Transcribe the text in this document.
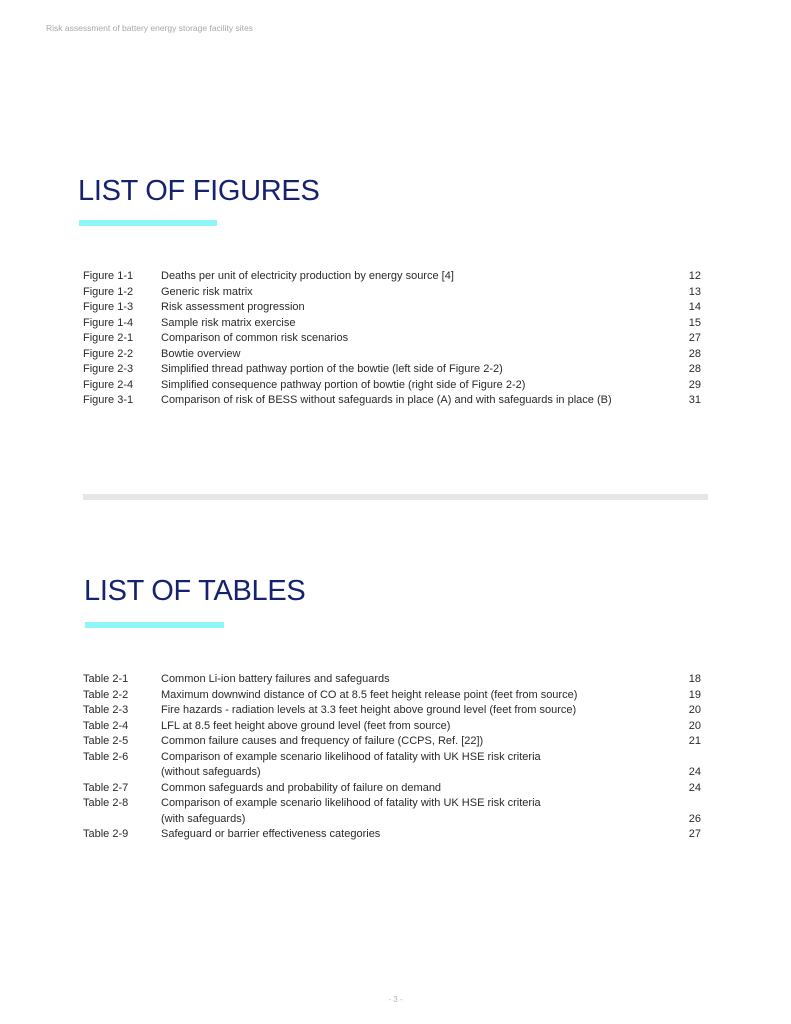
Risk assessment of battery energy storage facility sites
LIST OF FIGURES
Figure 1-1	Deaths per unit of electricity production by energy source [4]	12
Figure 1-2	Generic risk matrix	13
Figure 1-3	Risk assessment progression	14
Figure 1-4	Sample risk matrix exercise	15
Figure 2-1	Comparison of common risk scenarios	27
Figure 2-2	Bowtie overview	28
Figure 2-3	Simplified thread pathway portion of the bowtie (left side of Figure 2-2)	28
Figure 2-4	Simplified consequence pathway portion of bowtie (right side of Figure 2-2)	29
Figure 3-1	Comparison of risk of BESS without safeguards in place (A) and with safeguards in place (B)	31
LIST OF TABLES
Table 2-1	Common Li-ion battery failures and safeguards	18
Table 2-2	Maximum downwind distance of CO at 8.5 feet height release point (feet from source)	19
Table 2-3	Fire hazards - radiation levels at 3.3 feet height above ground level (feet from source)	20
Table 2-4	LFL at 8.5 feet height above ground level (feet from source)	20
Table 2-5	Common failure causes and frequency of failure (CCPS, Ref. [22])	21
Table 2-6	Comparison of example scenario likelihood of fatality with UK HSE risk criteria
(without safeguards)	24
Table 2-7	Common safeguards and probability of failure on demand	24
Table 2-8	Comparison of example scenario likelihood of fatality with UK HSE risk criteria
(with safeguards)	26
Table 2-9	Safeguard or barrier effectiveness categories	27
- 3 -
